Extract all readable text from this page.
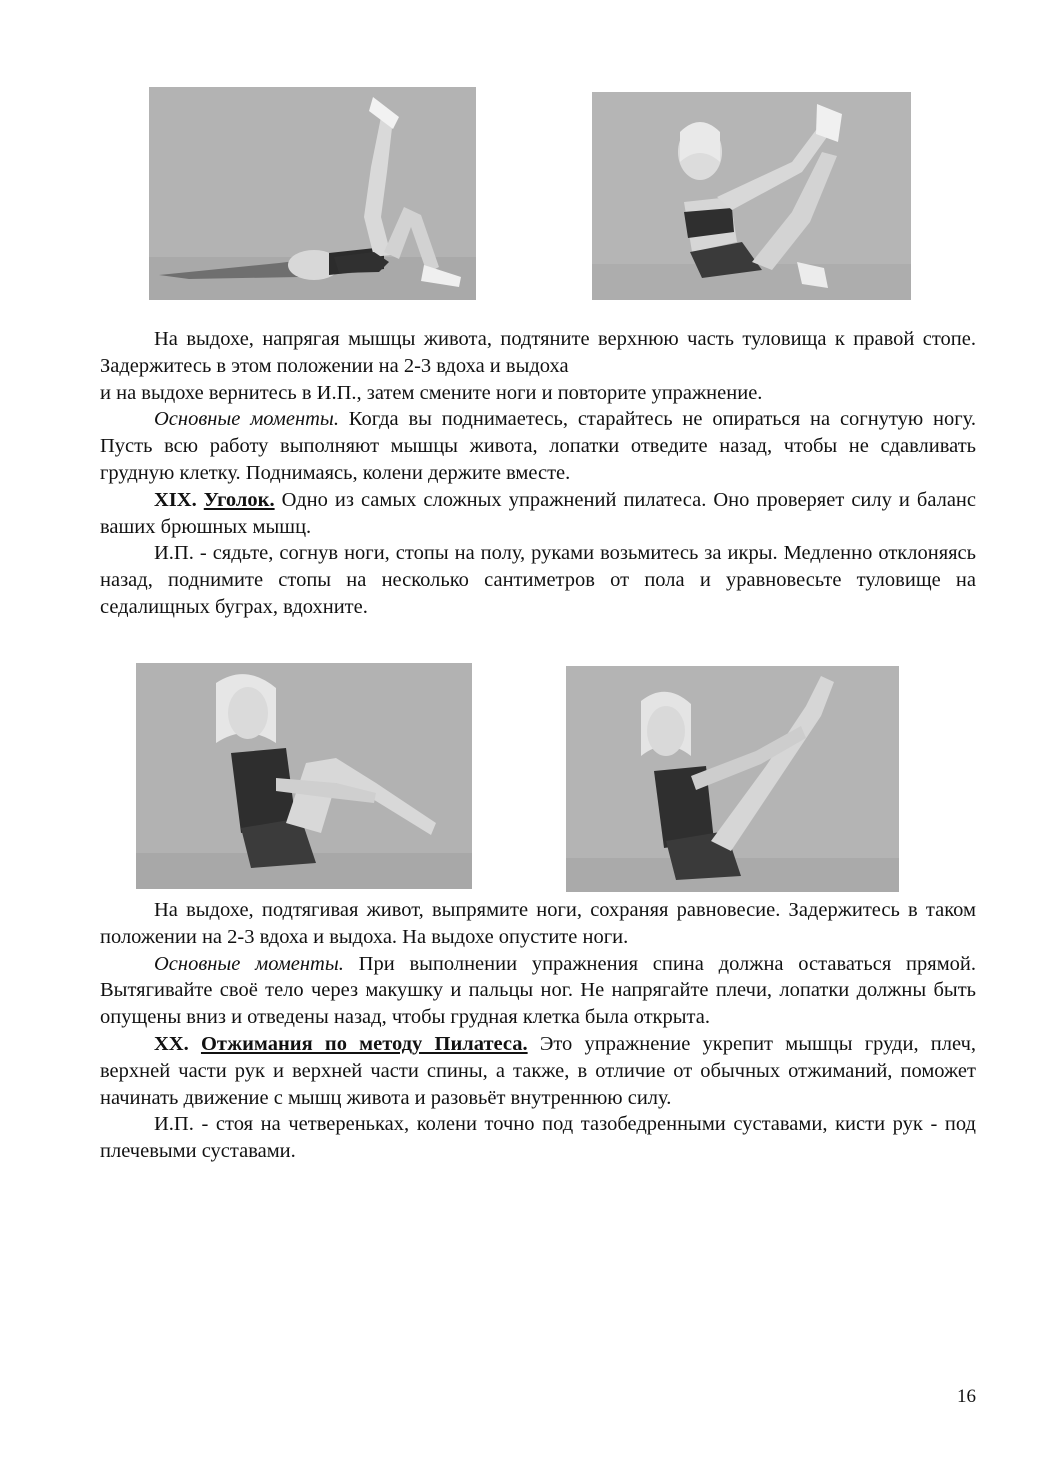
На выдохе, напрягая мышцы живота, подтяните верхнюю часть туловища к правой стопе. Задержитесь в этом положении на 2-3 вдоха и выдоха
и на выдохе вернитесь в И.П., затем смените ноги и повторите упражнение.

Основные моменты. Когда вы поднимаетесь, старайтесь не опираться на согнутую ногу. Пусть всю работу выполняют мышцы живота, лопатки отведите назад, чтобы не сдавливать грудную клетку. Поднимаясь, колени держите вместе.

XIX. Уголок. Одно из самых сложных упражнений пилатеса. Оно проверяет силу и баланс ваших брюшных мышц.

И.П. - сядьте, согнув ноги, стопы на полу, руками возьмитесь за икры. Медленно отклоняясь назад, поднимите стопы на несколько сантиметров от пола и уравновесьте туловище на седалищных буграх, вдохните.

На выдохе, подтягивая живот, выпрямите ноги, сохраняя равновесие. Задержитесь в таком положении на 2-3 вдоха и выдоха. На выдохе опустите ноги.

Основные моменты. При выполнении упражнения спина должна оставаться прямой. Вытягивайте своё тело через макушку и пальцы ног. Не напрягайте плечи, лопатки должны быть опущены вниз и отведены назад, чтобы грудная клетка была открыта.

XX. Отжимания по методу Пилатеса. Это упражнение укрепит мышцы груди, плеч, верхней части рук и верхней части спины, а также, в отличие от обычных отжиманий, поможет начинать движение с мышц живота и разовьёт внутреннюю силу.

И.П. - стоя на четвереньках, колени точно под тазобедренными суставами, кисти рук - под плечевыми суставами.

16
